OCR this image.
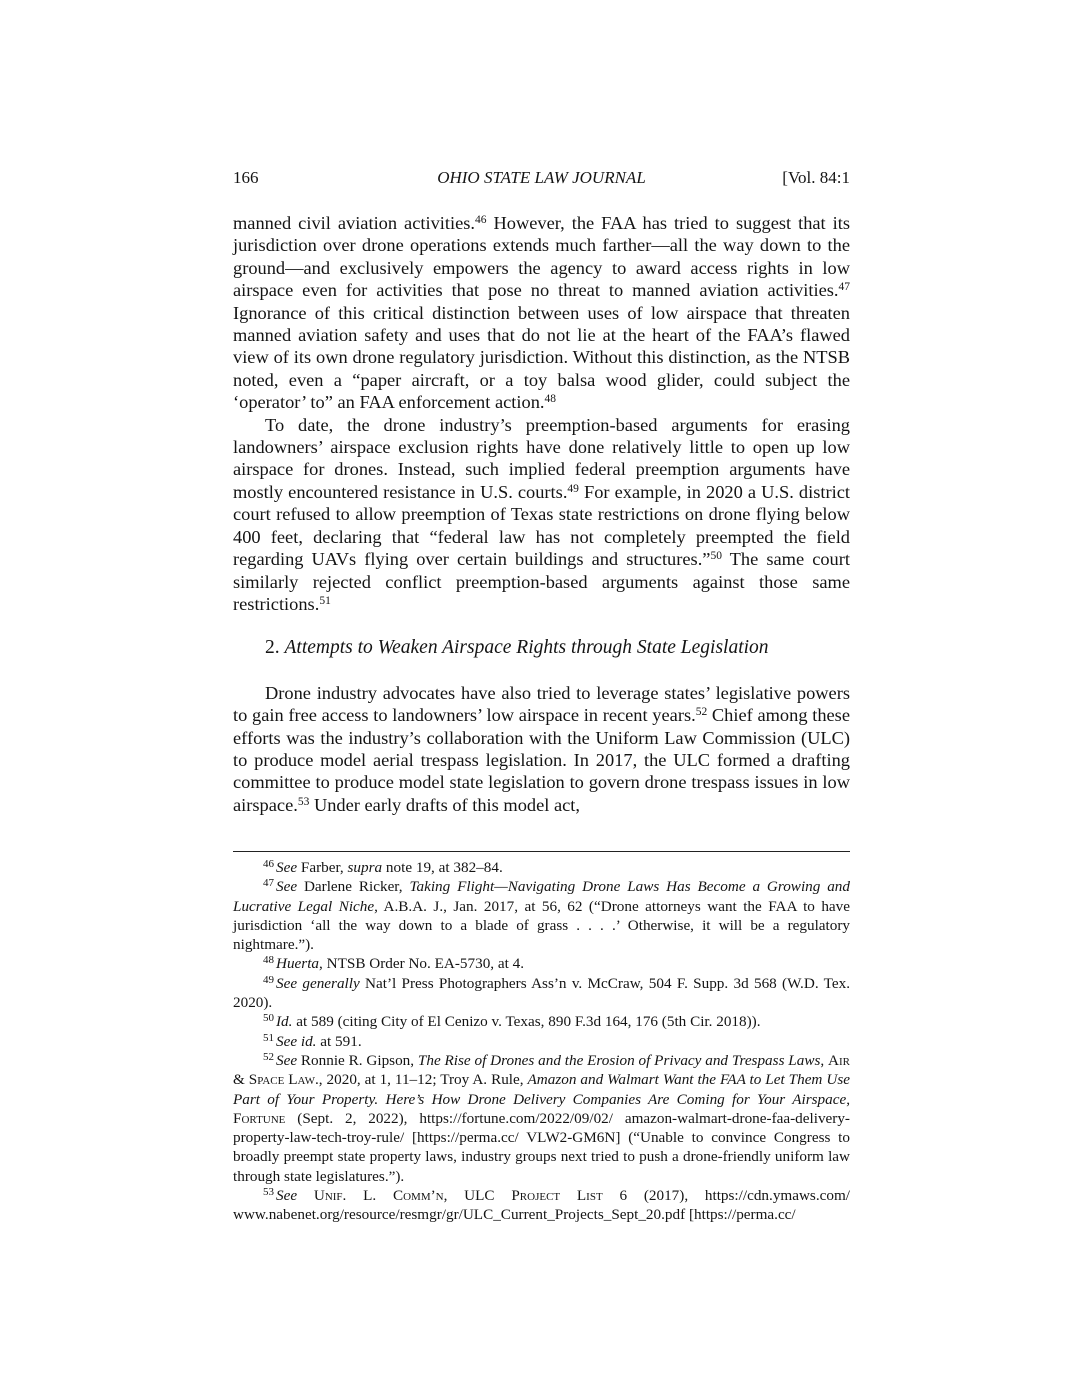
166	OHIO STATE LAW JOURNAL	[Vol. 84:1

manned civil aviation activities.$^{46}$ However, the FAA has tried to suggest that its jurisdiction over drone operations extends much farther—all the way down to the ground—and exclusively empowers the agency to award access rights in low airspace even for activities that pose no threat to manned aviation activities.$^{47}$ Ignorance of this critical distinction between uses of low airspace that threaten manned aviation safety and uses that do not lie at the heart of the FAA’s flawed view of its own drone regulatory jurisdiction. Without this distinction, as the NTSB noted, even a “paper aircraft, or a toy balsa wood glider, could subject the ‘operator’ to” an FAA enforcement action.$^{48}$

To date, the drone industry’s preemption-based arguments for erasing landowners’ airspace exclusion rights have done relatively little to open up low airspace for drones. Instead, such implied federal preemption arguments have mostly encountered resistance in U.S. courts.$^{49}$ For example, in 2020 a U.S. district court refused to allow preemption of Texas state restrictions on drone flying below 400 feet, declaring that “federal law has not completely preempted the field regarding UAVs flying over certain buildings and structures.”$^{50}$ The same court similarly rejected conflict preemption-based arguments against those same restrictions.$^{51}$

2. Attempts to Weaken Airspace Rights through State Legislation

Drone industry advocates have also tried to leverage states’ legislative powers to gain free access to landowners’ low airspace in recent years.$^{52}$ Chief among these efforts was the industry’s collaboration with the Uniform Law Commission (ULC) to produce model aerial trespass legislation. In 2017, the ULC formed a drafting committee to produce model state legislation to govern drone trespass issues in low airspace.$^{53}$ Under early drafts of this model act,

$^{46}$ See Farber, supra note 19, at 382–84.

$^{47}$ See Darlene Ricker, Taking Flight—Navigating Drone Laws Has Become a Growing and Lucrative Legal Niche, A.B.A. J., Jan. 2017, at 56, 62 (“Drone attorneys want the FAA to have jurisdiction ‘all the way down to a blade of grass . . . .’ Otherwise, it will be a regulatory nightmare.”).

$^{48}$ Huerta, NTSB Order No. EA-5730, at 4.

$^{49}$ See generally Nat’l Press Photographers Ass’n v. McCraw, 504 F. Supp. 3d 568 (W.D. Tex. 2020).

$^{50}$ Id. at 589 (citing City of El Cenizo v. Texas, 890 F.3d 164, 176 (5th Cir. 2018)).

$^{51}$ See id. at 591.

$^{52}$ See Ronnie R. Gipson, The Rise of Drones and the Erosion of Privacy and Trespass Laws, Air & Space Law., 2020, at 1, 11–12; Troy A. Rule, Amazon and Walmart Want the FAA to Let Them Use Part of Your Property. Here’s How Drone Delivery Companies Are Coming for Your Airspace, Fortune (Sept. 2, 2022), https://fortune.com/2022/09/02/ amazon-walmart-drone-faa-delivery-property-law-tech-troy-rule/ [https://perma.cc/ VLW2-GM6N] (“Unable to convince Congress to broadly preempt state property laws, industry groups next tried to push a drone-friendly uniform law through state legislatures.”).

$^{53}$ See Unif. L. Comm’n, ULC Project List 6 (2017), https://cdn.ymaws.com/ www.nabenet.org/resource/resmgr/gr/ULC_Current_Projects_Sept_20.pdf [https://perma.cc/
